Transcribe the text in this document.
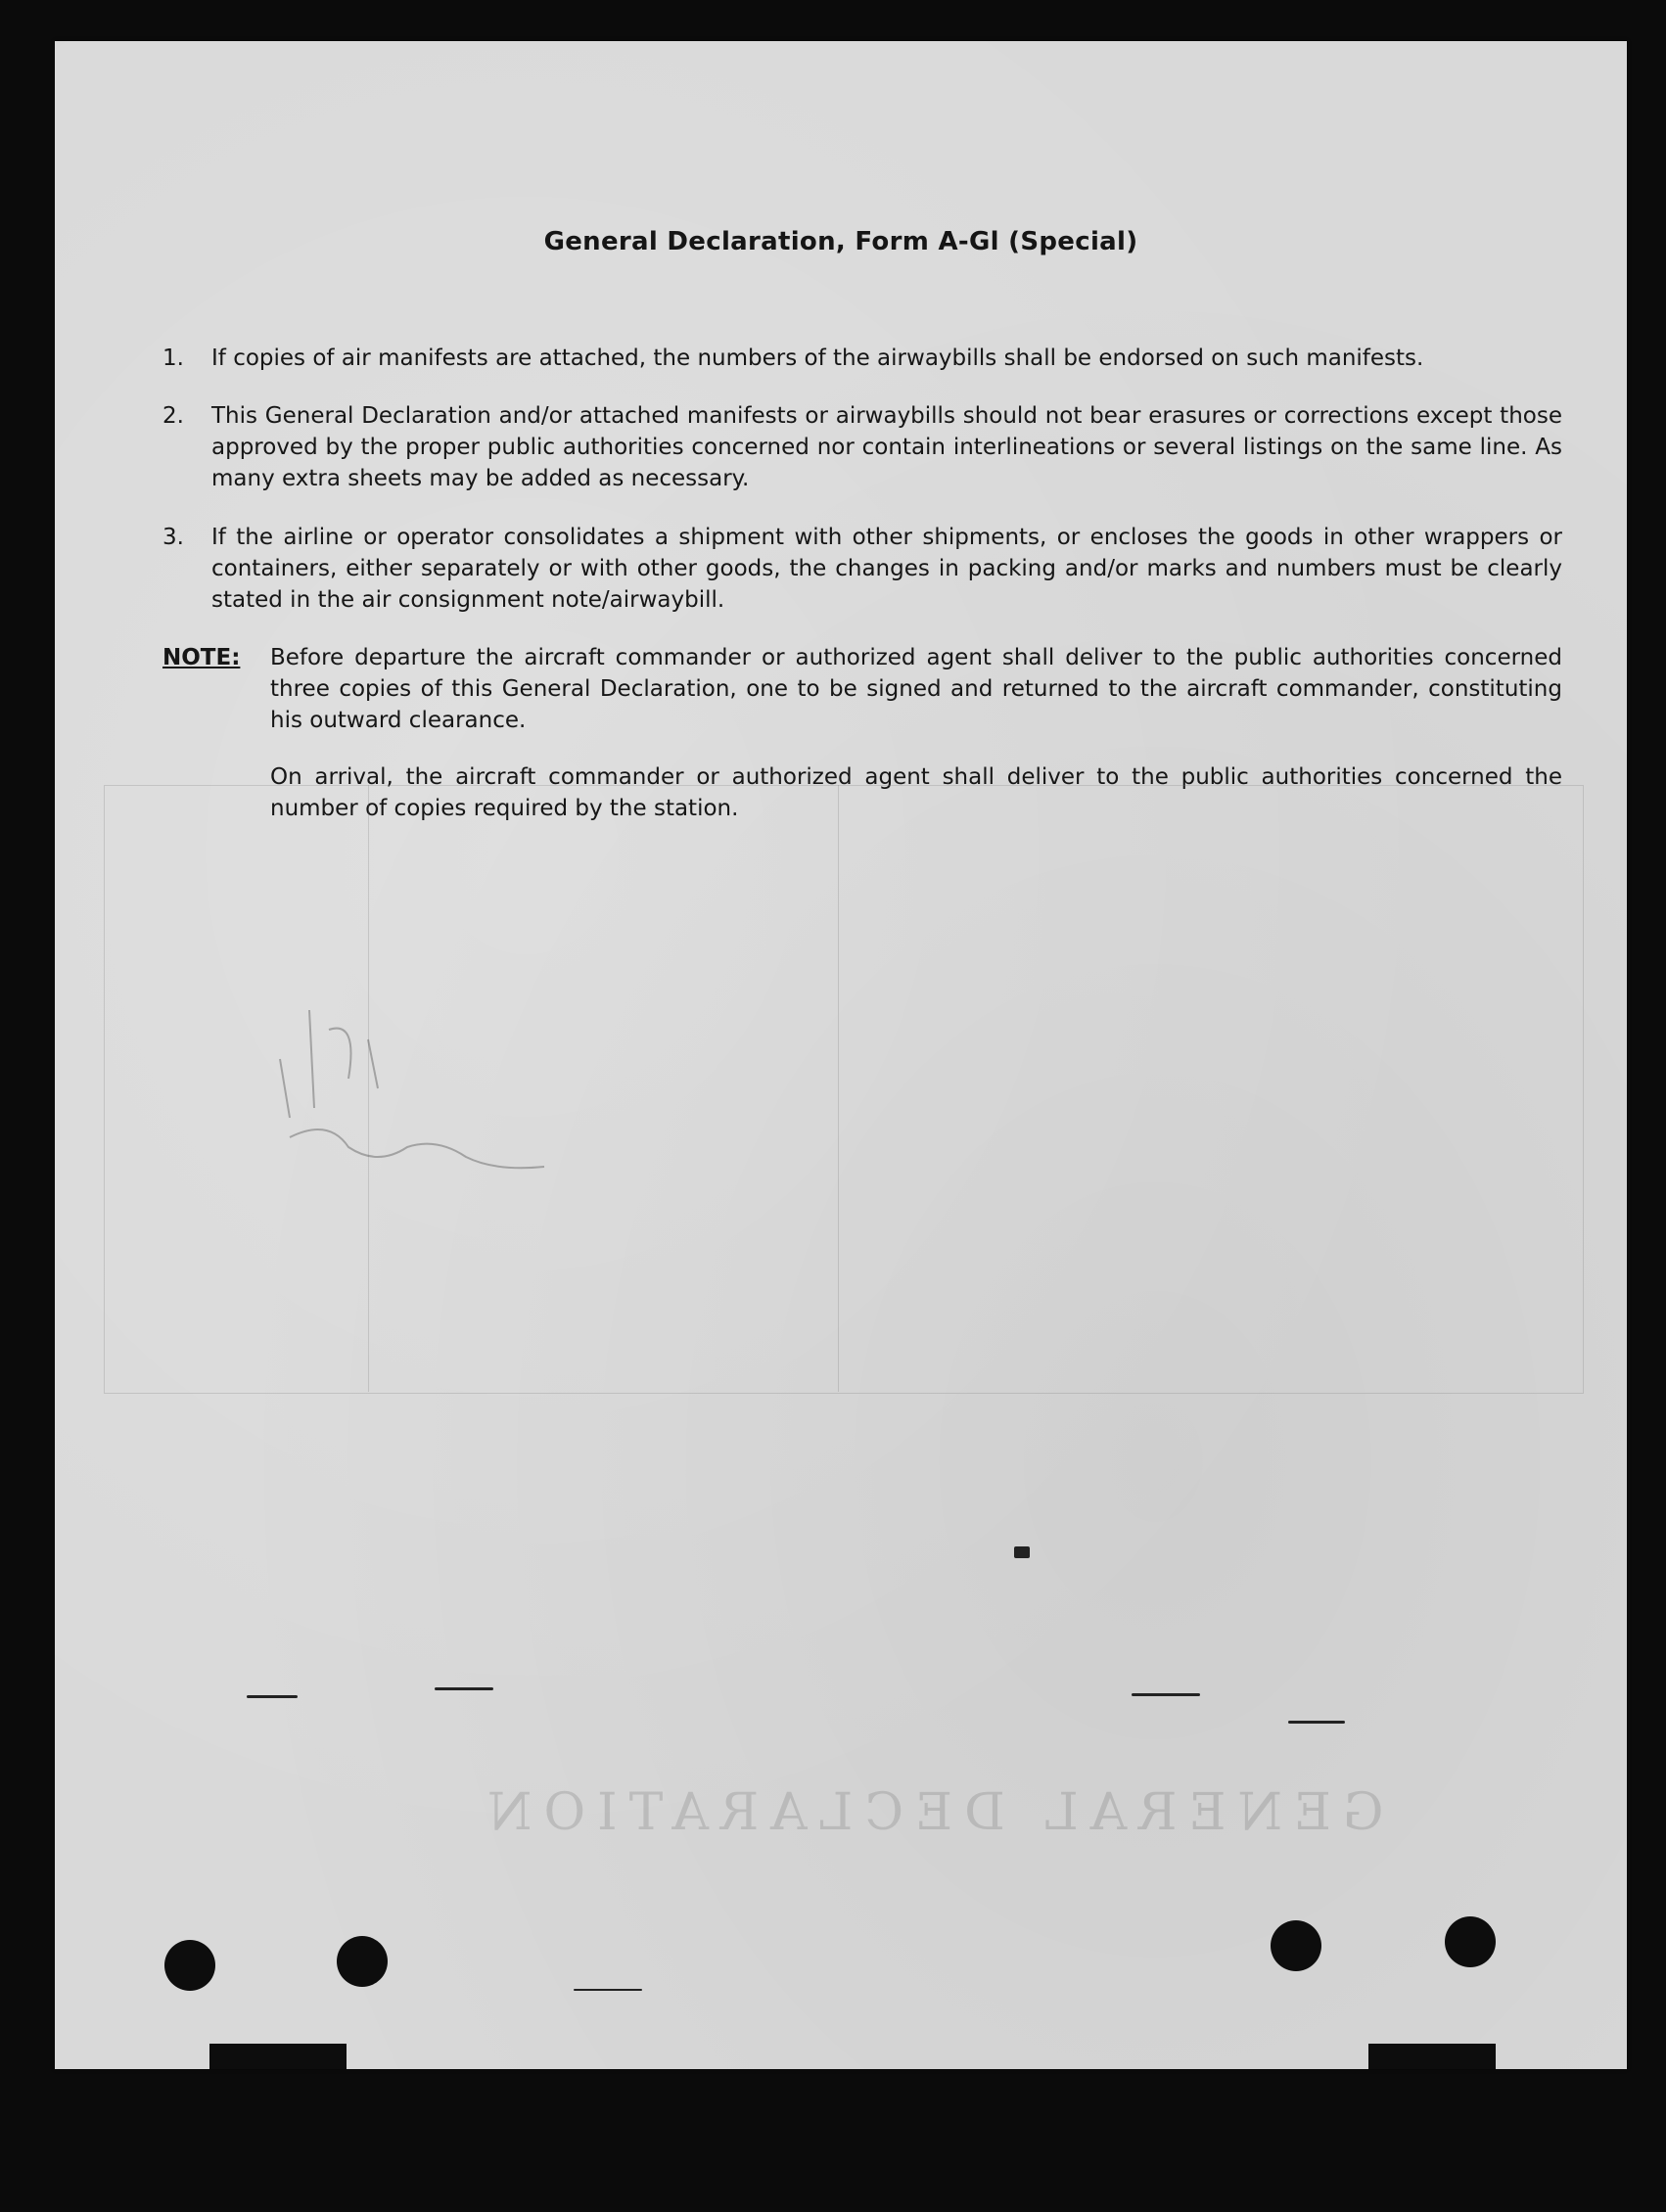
General Declaration, Form A-Gl (Special)
1.	If copies of air manifests are attached, the numbers of the airwaybills shall be endorsed on such manifests.
2.	This General Declaration and/or attached manifests or airwaybills should not bear erasures or corrections except those approved by the proper public authorities concerned nor contain interlineations or several listings on the same line. As many extra sheets may be added as necessary.
3.	If the airline or operator consolidates a shipment with other shipments, or encloses the goods in other wrappers or containers, either separately or with other goods, the changes in packing and/or marks and numbers must be clearly stated in the air consignment note/airwaybill.
NOTE:	Before departure the aircraft commander or authorized agent shall deliver to the public authorities concerned three copies of this General Declaration, one to be signed and returned to the aircraft commander, constituting his outward clearance.
On arrival, the aircraft commander or authorized agent shall deliver to the public authorities concerned the number of copies required by the station.
GENERAL DECLARATION
